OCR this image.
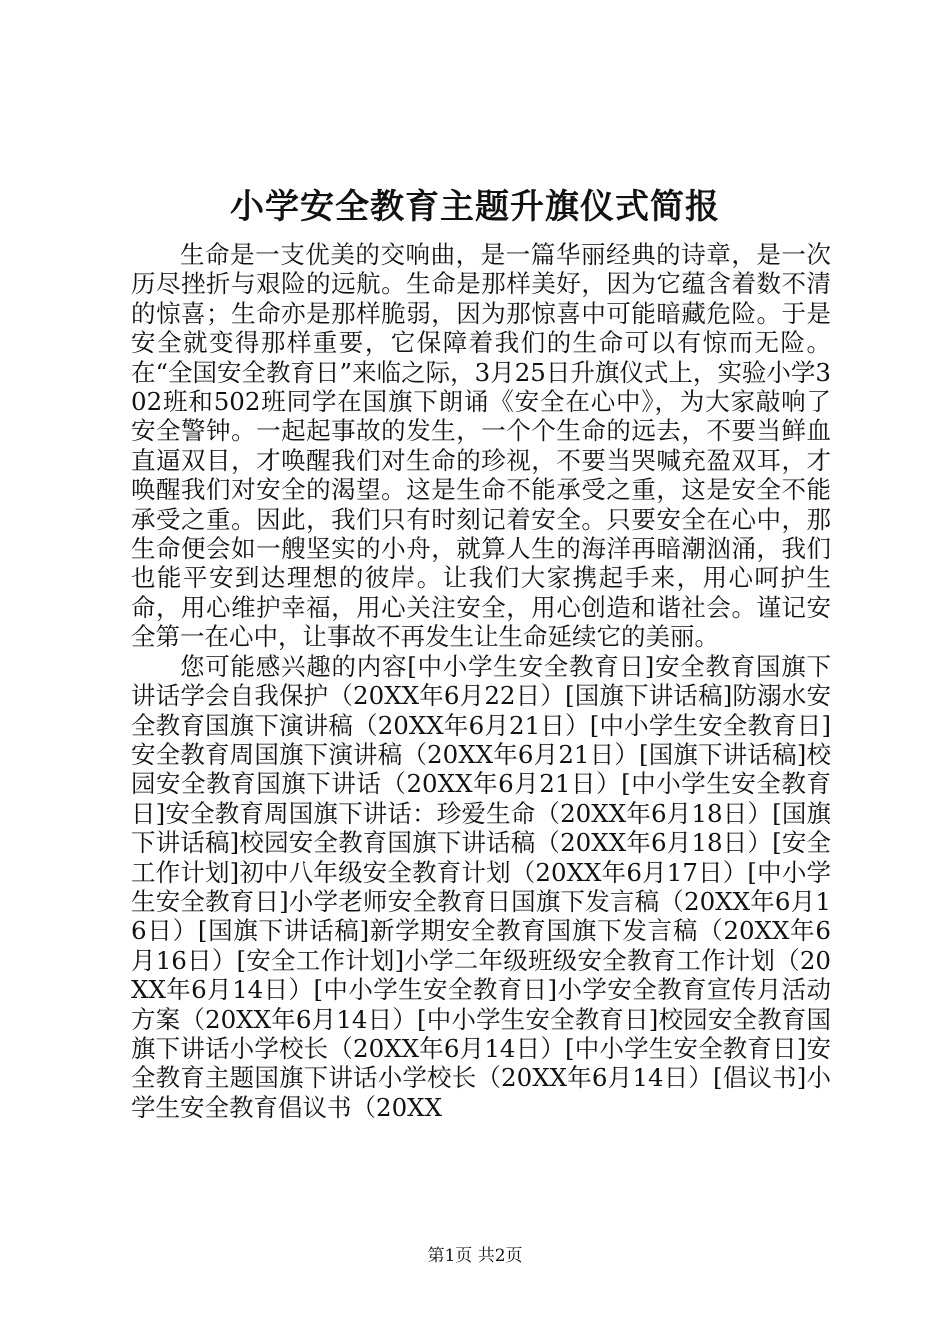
小学安全教育主题升旗仪式简报

生命是一支优美的交响曲，是一篇华丽经典的诗章，是一次历尽挫折与艰险的远航。生命是那样美好，因为它蕴含着数不清的惊喜；生命亦是那样脆弱，因为那惊喜中可能暗藏危险。于是安全就变得那样重要，它保障着我们的生命可以有惊而无险。在“全国安全教育日”来临之际，3月25日升旗仪式上，实验小学302班和502班同学在国旗下朗诵《安全在心中》，为大家敲响了安全警钟。一起起事故的发生，一个个生命的远去，不要当鲜血直逼双目，才唤醒我们对生命的珍视，不要当哭喊充盈双耳，才唤醒我们对安全的渴望。这是生命不能承受之重，这是安全不能承受之重。因此，我们只有时刻记着安全。只要安全在心中，那生命便会如一艘坚实的小舟，就算人生的海洋再暗潮汹涌，我们也能平安到达理想的彼岸。让我们大家携起手来，用心呵护生命，用心维护幸福，用心关注安全，用心创造和谐社会。谨记安全第一在心中，让事故不再发生让生命延续它的美丽。

您可能感兴趣的内容[中小学生安全教育日]安全教育国旗下讲话学会自我保护（20XX年6月22日）[国旗下讲话稿]防溺水安全教育国旗下演讲稿（20XX年6月21日）[中小学生安全教育日]安全教育周国旗下演讲稿（20XX年6月21日）[国旗下讲话稿]校园安全教育国旗下讲话（20XX年6月21日）[中小学生安全教育日]安全教育周国旗下讲话：珍爱生命（20XX年6月18日）[国旗下讲话稿]校园安全教育国旗下讲话稿（20XX年6月18日）[安全工作计划]初中八年级安全教育计划（20XX年6月17日）[中小学生安全教育日]小学老师安全教育日国旗下发言稿（20XX年6月16日）[国旗下讲话稿]新学期安全教育国旗下发言稿（20XX年6月16日）[安全工作计划]小学二年级班级安全教育工作计划（20XX年6月14日）[中小学生安全教育日]小学安全教育宣传月活动方案（20XX年6月14日）[中小学生安全教育日]校园安全教育国旗下讲话小学校长（20XX年6月14日）[中小学生安全教育日]安全教育主题国旗下讲话小学校长（20XX年6月14日）[倡议书]小学生安全教育倡议书（20XX

第1页 共2页
